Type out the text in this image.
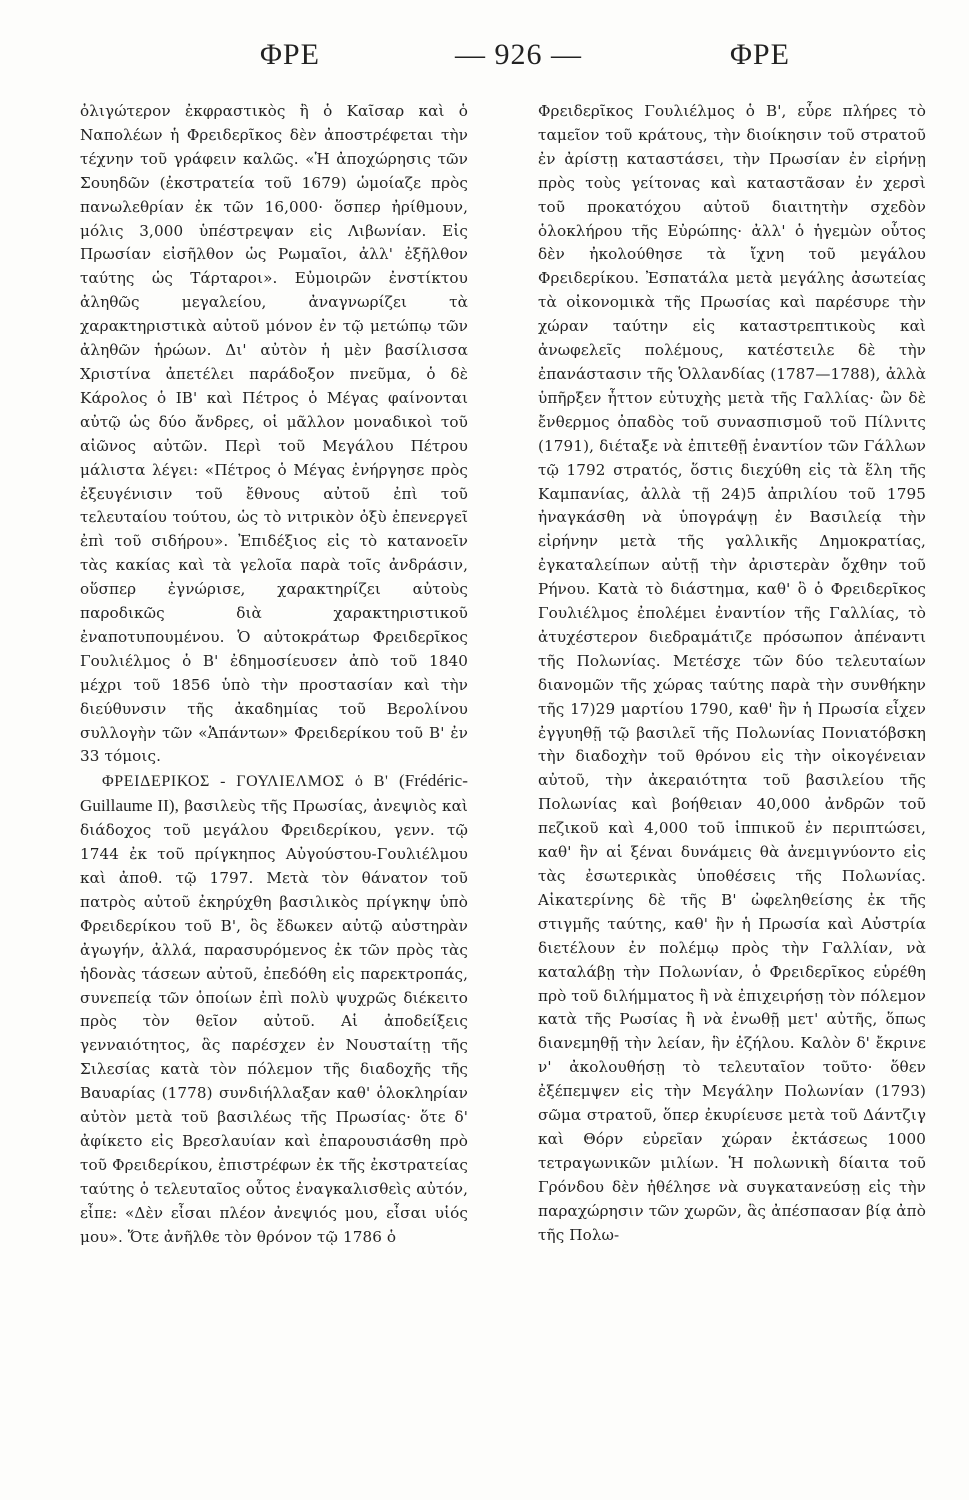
ΦΡΕ	— 926 —	ΦΡΕ

ὀλιγώτερον ἐκφραστικὸς ἢ ὁ Καῖσαρ καὶ ὁ Ναπολέων ἡ Φρειδερῖκος δὲν ἀποστρέφεται τὴν τέχνην τοῦ γράφειν καλῶς. «Ἡ ἀποχώρησις τῶν Σουηδῶν (ἐκστρατεία τοῦ 1679) ὡμοίαζε πρὸς πανωλεθρίαν ἐκ τῶν 16,000· ὅσπερ ἠρίθμουν, μόλις 3,000 ὑπέστρεψαν εἰς Λιβωνίαν. Εἰς Πρωσίαν εἰσῆλθον ὡς Ρωμαῖοι, ἀλλ' ἐξῆλθον ταύτης ὡς Τάρταροι». Εὐμοιρῶν ἐνστίκτου ἀληθῶς μεγαλείου, ἀναγνωρίζει τὰ χαρακτηριστικὰ αὐτοῦ μόνον ἐν τῷ μετώπῳ τῶν ἀληθῶν ἡρώων. Δι' αὐτὸν ἡ μὲν βασίλισσα Χριστίνα ἀπετέλει παράδοξον πνεῦμα, ὁ δὲ Κάρολος ὁ ΙΒ' καὶ Πέτρος ὁ Μέγας φαίνονται αὐτῷ ὡς δύο ἄνδρες, οἱ μᾶλλον μοναδικοὶ τοῦ αἰῶνος αὐτῶν. Περὶ τοῦ Μεγάλου Πέτρου μάλιστα λέγει: «Πέτρος ὁ Μέγας ἐνήργησε πρὸς ἐξευγένισιν τοῦ ἔθνους αὐτοῦ ἐπὶ τοῦ τελευταίου τούτου, ὡς τὸ νιτρικὸν ὀξὺ ἐπενεργεῖ ἐπὶ τοῦ σιδήρου». Ἐπιδέξιος εἰς τὸ κατανοεῖν τὰς κακίας καὶ τὰ γελοῖα παρὰ τοῖς ἀνδράσιν, οὕσπερ ἐγνώρισε, χαρακτηρίζει αὐτοὺς παροδικῶς διὰ χαρακτηριστικοῦ ἐναποτυπουμένου. Ὁ αὐτοκράτωρ Φρειδερῖκος Γουλιέλμος ὁ Β' ἐδημοσίευσεν ἀπὸ τοῦ 1840 μέχρι τοῦ 1856 ὑπὸ τὴν προστασίαν καὶ τὴν διεύθυνσιν τῆς ἀκαδημίας τοῦ Βερολίνου συλλογὴν τῶν «Ἁπάντων» Φρειδερίκου τοῦ Β' ἐν 33 τόμοις.

ΦΡΕΙΔΕΡΙΚΟΣ - ΓΟΥΛΙΕΛΜΟΣ ὁ Β' (Frédéric-Guillaume II), βασιλεὺς τῆς Πρωσίας, ἀνεψιὸς καὶ διάδοχος τοῦ μεγάλου Φρειδερίκου, γενν. τῷ 1744 ἐκ τοῦ πρίγκηπος Αὐγούστου-Γουλιέλμου καὶ ἀποθ. τῷ 1797. Μετὰ τὸν θάνατον τοῦ πατρὸς αὐτοῦ ἐκηρύχθη βασιλικὸς πρίγκηψ ὑπὸ Φρειδερίκου τοῦ Β', ὃς ἔδωκεν αὐτῷ αὐστηρὰν ἀγωγήν, ἀλλά, παρασυρόμενος ἐκ τῶν πρὸς τὰς ἡδονὰς τάσεων αὐτοῦ, ἐπεδόθη εἰς παρεκτροπάς, συνεπείᾳ τῶν ὁποίων ἐπὶ πολὺ ψυχρῶς διέκειτο πρὸς τὸν θεῖον αὐτοῦ. Αἱ ἀποδείξεις γενναιότητος, ἃς παρέσχεν ἐν Νουσταίτῃ τῆς Σιλεσίας κατὰ τὸν πόλεμον τῆς διαδοχῆς τῆς Βαυαρίας (1778) συνδιήλλαξαν καθ' ὁλοκληρίαν αὐτὸν μετὰ τοῦ βασιλέως τῆς Πρωσίας· ὅτε δ' ἀφίκετο εἰς Βρεσλαυίαν καὶ ἐπαρουσιάσθη πρὸ τοῦ Φρειδερίκου, ἐπιστρέφων ἐκ τῆς ἐκστρατείας ταύτης ὁ τελευταῖος οὗτος ἐναγκαλισθεὶς αὐτόν, εἶπε: «Δὲν εἶσαι πλέον ἀνεψιός μου, εἶσαι υἱός μου». Ὅτε ἀνῆλθε τὸν θρόνον τῷ 1786 ὁ

Φρειδερῖκος Γουλιέλμος ὁ Β', εὗρε πλήρες τὸ ταμεῖον τοῦ κράτους, τὴν διοίκησιν τοῦ στρατοῦ ἐν ἀρίστῃ καταστάσει, τὴν Πρωσίαν ἐν εἰρήνῃ πρὸς τοὺς γείτονας καὶ καταστᾶσαν ἐν χερσὶ τοῦ προκατόχου αὐτοῦ διαιτητὴν σχεδὸν ὁλοκλήρου τῆς Εὐρώπης· ἀλλ' ὁ ἡγεμὼν οὗτος δὲν ἠκολούθησε τὰ ἴχνη τοῦ μεγάλου Φρειδερίκου. Ἐσπατάλα μετὰ μεγάλης ἀσωτείας τὰ οἰκονομικὰ τῆς Πρωσίας καὶ παρέσυρε τὴν χώραν ταύτην εἰς καταστρεπτικοὺς καὶ ἀνωφελεῖς πολέμους, κατέστειλε δὲ τὴν ἐπανάστασιν τῆς Ὁλλανδίας (1787—1788), ἀλλὰ ὑπῆρξεν ἧττον εὐτυχὴς μετὰ τῆς Γαλλίας· ὢν δὲ ἔνθερμος ὀπαδὸς τοῦ συνασπισμοῦ τοῦ Πίλνιτς (1791), διέταξε νὰ ἐπιτεθῇ ἐναντίον τῶν Γάλλων τῷ 1792 στρατός, ὅστις διεχύθη εἰς τὰ ἕλη τῆς Καμπανίας, ἀλλὰ τῇ 24)5 ἀπριλίου τοῦ 1795 ἠναγκάσθη νὰ ὑπογράψῃ ἐν Βασιλείᾳ τὴν εἰρήνην μετὰ τῆς γαλλικῆς Δημοκρατίας, ἐγκαταλείπων αὐτῇ τὴν ἀριστερὰν ὄχθην τοῦ Ρήνου. Κατὰ τὸ διάστημα, καθ' ὃ ὁ Φρειδερῖκος Γουλιέλμος ἐπολέμει ἐναντίον τῆς Γαλλίας, τὸ ἀτυχέστερον διεδραμάτιζε πρόσωπον ἀπέναντι τῆς Πολωνίας. Μετέσχε τῶν δύο τελευταίων διανομῶν τῆς χώρας ταύτης παρὰ τὴν συνθήκην τῆς 17)29 μαρτίου 1790, καθ' ἣν ἡ Πρωσία εἶχεν ἐγγυηθῇ τῷ βασιλεῖ τῆς Πολωνίας Πονιατόβσκη τὴν διαδοχὴν τοῦ θρόνου εἰς τὴν οἰκογένειαν αὐτοῦ, τὴν ἀκεραιότητα τοῦ βασιλείου τῆς Πολωνίας καὶ βοήθειαν 40,000 ἀνδρῶν τοῦ πεζικοῦ καὶ 4,000 τοῦ ἱππικοῦ ἐν περιπτώσει, καθ' ἣν αἱ ξέναι δυνάμεις θὰ ἀνεμιγνύοντο εἰς τὰς ἐσωτερικὰς ὑποθέσεις τῆς Πολωνίας. Αἰκατερίνης δὲ τῆς Β' ὠφεληθείσης ἐκ τῆς στιγμῆς ταύτης, καθ' ἣν ἡ Πρωσία καὶ Αὐστρία διετέλουν ἐν πολέμῳ πρὸς τὴν Γαλλίαν, νὰ καταλάβῃ τὴν Πολωνίαν, ὁ Φρειδερῖκος εὑρέθη πρὸ τοῦ διλήμματος ἢ νὰ ἐπιχειρήσῃ τὸν πόλεμον κατὰ τῆς Ρωσίας ἢ νὰ ἐνωθῇ μετ' αὐτῆς, ὅπως διανεμηθῇ τὴν λείαν, ἣν ἐζήλου. Καλὸν δ' ἔκρινε ν' ἀκολουθήσῃ τὸ τελευταῖον τοῦτο· ὅθεν ἐξέπεμψεν εἰς τὴν Μεγάλην Πολωνίαν (1793) σῶμα στρατοῦ, ὅπερ ἐκυρίευσε μετὰ τοῦ Δάντζιγ καὶ Θόρν εὐρεῖαν χώραν ἐκτάσεως 1000 τετραγωνικῶν μιλίων. Ἡ πολωνικὴ δίαιτα τοῦ Γρόνδου δὲν ἠθέλησε νὰ συγκατανεύσῃ εἰς τὴν παραχώρησιν τῶν χωρῶν, ἃς ἀπέσπασαν βίᾳ ἀπὸ τῆς Πολω-
